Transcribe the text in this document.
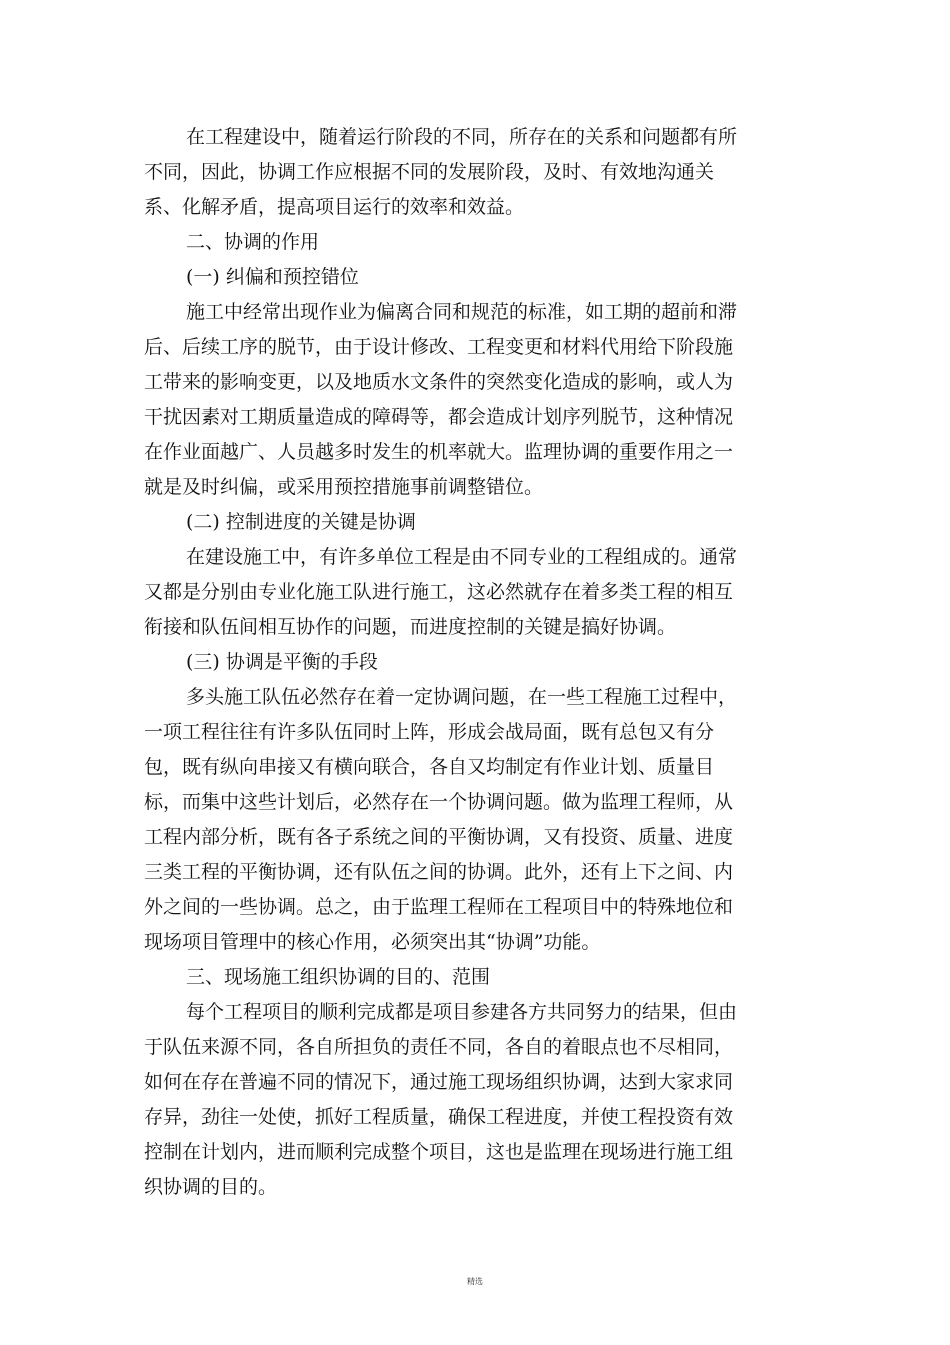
在工程建设中，随着运行阶段的不同，所存在的关系和问题都有所
不同，因此，协调工作应根据不同的发展阶段，及时、有效地沟通关
系、化解矛盾，提高项目运行的效率和效益。
二、协调的作用
(一) 纠偏和预控错位
施工中经常出现作业为偏离合同和规范的标准，如工期的超前和滞
后、后续工序的脱节，由于设计修改、工程变更和材料代用给下阶段施
工带来的影响变更，以及地质水文条件的突然变化造成的影响，或人为
干扰因素对工期质量造成的障碍等，都会造成计划序列脱节，这种情况
在作业面越广、人员越多时发生的机率就大。监理协调的重要作用之一
就是及时纠偏，或采用预控措施事前调整错位。
(二) 控制进度的关键是协调
在建设施工中，有许多单位工程是由不同专业的工程组成的。通常
又都是分别由专业化施工队进行施工，这必然就存在着多类工程的相互
衔接和队伍间相互协作的问题，而进度控制的关键是搞好协调。
(三) 协调是平衡的手段
多头施工队伍必然存在着一定协调问题，在一些工程施工过程中，
一项工程往往有许多队伍同时上阵，形成会战局面，既有总包又有分
包，既有纵向串接又有横向联合，各自又均制定有作业计划、质量目
标，而集中这些计划后，必然存在一个协调问题。做为监理工程师，从
工程内部分析，既有各子系统之间的平衡协调，又有投资、质量、进度
三类工程的平衡协调，还有队伍之间的协调。此外，还有上下之间、内
外之间的一些协调。总之，由于监理工程师在工程项目中的特殊地位和
现场项目管理中的核心作用，必须突出其“协调”功能。
三、现场施工组织协调的目的、范围
每个工程项目的顺利完成都是项目参建各方共同努力的结果，但由
于队伍来源不同，各自所担负的责任不同，各自的着眼点也不尽相同，
如何在存在普遍不同的情况下，通过施工现场组织协调，达到大家求同
存异，劲往一处使，抓好工程质量，确保工程进度，并使工程投资有效
控制在计划内，进而顺利完成整个项目，这也是监理在现场进行施工组
织协调的目的。
精选
